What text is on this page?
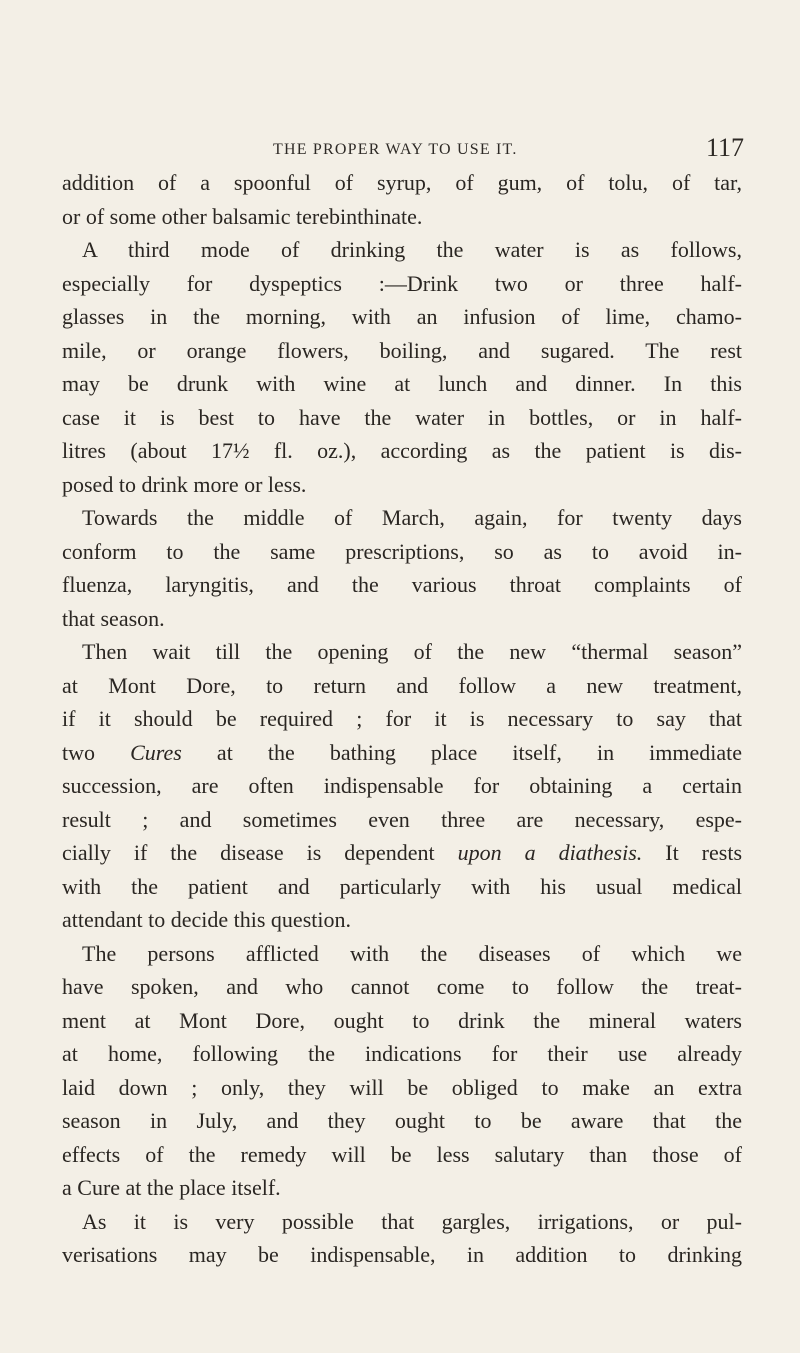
THE PROPER WAY TO USE IT.	117
addition of a spoonful of syrup, of gum, of tolu, of tar,
or of some other balsamic terebinthinate.
A third mode of drinking the water is as follows,
especially for dyspeptics :—Drink two or three half-
glasses in the morning, with an infusion of lime, chamo-
mile, or orange flowers, boiling, and sugared. The rest
may be drunk with wine at lunch and dinner. In this
case it is best to have the water in bottles, or in half-
litres (about 17½ fl. oz.), according as the patient is dis-
posed to drink more or less.
Towards the middle of March, again, for twenty days
conform to the same prescriptions, so as to avoid in-
fluenza, laryngitis, and the various throat complaints of
that season.
Then wait till the opening of the new “thermal season”
at Mont Dore, to return and follow a new treatment,
if it should be required ; for it is necessary to say that
two Cures at the bathing place itself, in immediate
succession, are often indispensable for obtaining a certain
result ; and sometimes even three are necessary, espe-
cially if the disease is dependent upon a diathesis. It rests
with the patient and particularly with his usual medical
attendant to decide this question.
The persons afflicted with the diseases of which we
have spoken, and who cannot come to follow the treat-
ment at Mont Dore, ought to drink the mineral waters
at home, following the indications for their use already
laid down ; only, they will be obliged to make an extra
season in July, and they ought to be aware that the
effects of the remedy will be less salutary than those of
a Cure at the place itself.
As it is very possible that gargles, irrigations, or pul-
verisations may be indispensable, in addition to drinking
